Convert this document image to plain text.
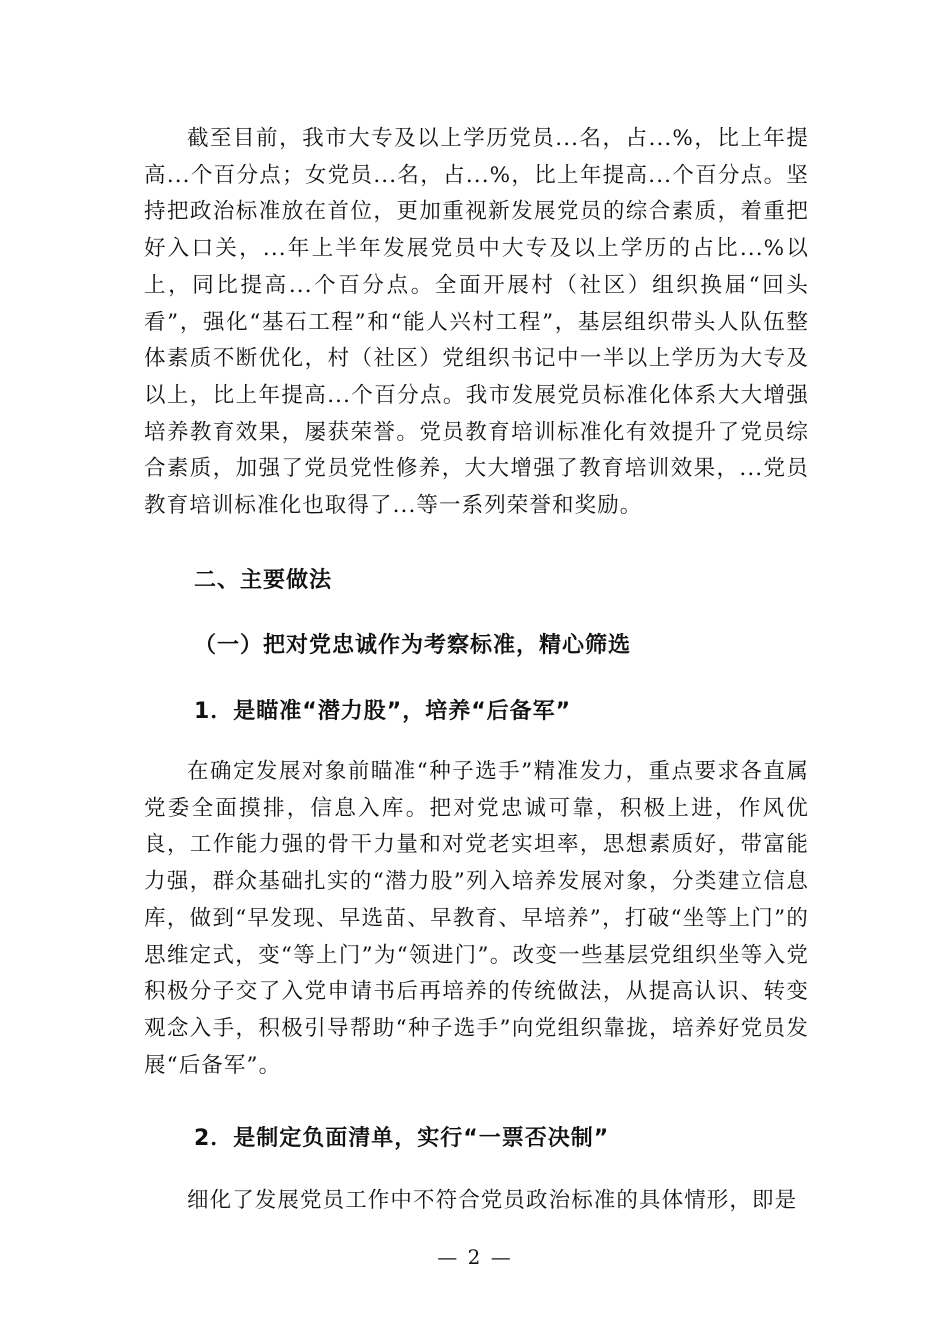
截至目前，我市大专及以上学历党员...名，占...%，比上年提高...个百分点；女党员...名，占...%，比上年提高...个百分点。坚持把政治标准放在首位，更加重视新发展党员的综合素质，着重把好入口关，...年上半年发展党员中大专及以上学历的占比...%以上，同比提高...个百分点。全面开展村（社区）组织换届“回头看”，强化“基石工程”和“能人兴村工程”，基层组织带头人队伍整体素质不断优化，村（社区）党组织书记中一半以上学历为大专及以上，比上年提高...个百分点。我市发展党员标准化体系大大增强培养教育效果，屡获荣誉。党员教育培训标准化有效提升了党员综合素质，加强了党员党性修养，大大增强了教育培训效果，...党员教育培训标准化也取得了...等一系列荣誉和奖励。

二、主要做法
（一）把对党忠诚作为考察标准，精心筛选
1．是瞄准“潜力股”，培养“后备军”

在确定发展对象前瞄准“种子选手”精准发力，重点要求各直属党委全面摸排，信息入库。把对党忠诚可靠，积极上进，作风优良，工作能力强的骨干力量和对党老实坦率，思想素质好，带富能力强，群众基础扎实的“潜力股”列入培养发展对象，分类建立信息库，做到“早发现、早选苗、早教育、早培养”，打破“坐等上门”的思维定式，变“等上门”为“领进门”。改变一些基层党组织坐等入党积极分子交了入党申请书后再培养的传统做法，从提高认识、转变观念入手，积极引导帮助“种子选手”向党组织靠拢，培养好党员发展“后备军”。

2．是制定负面清单，实行“一票否决制”

细化了发展党员工作中不符合党员政治标准的具体情形，即是

— 2 —
